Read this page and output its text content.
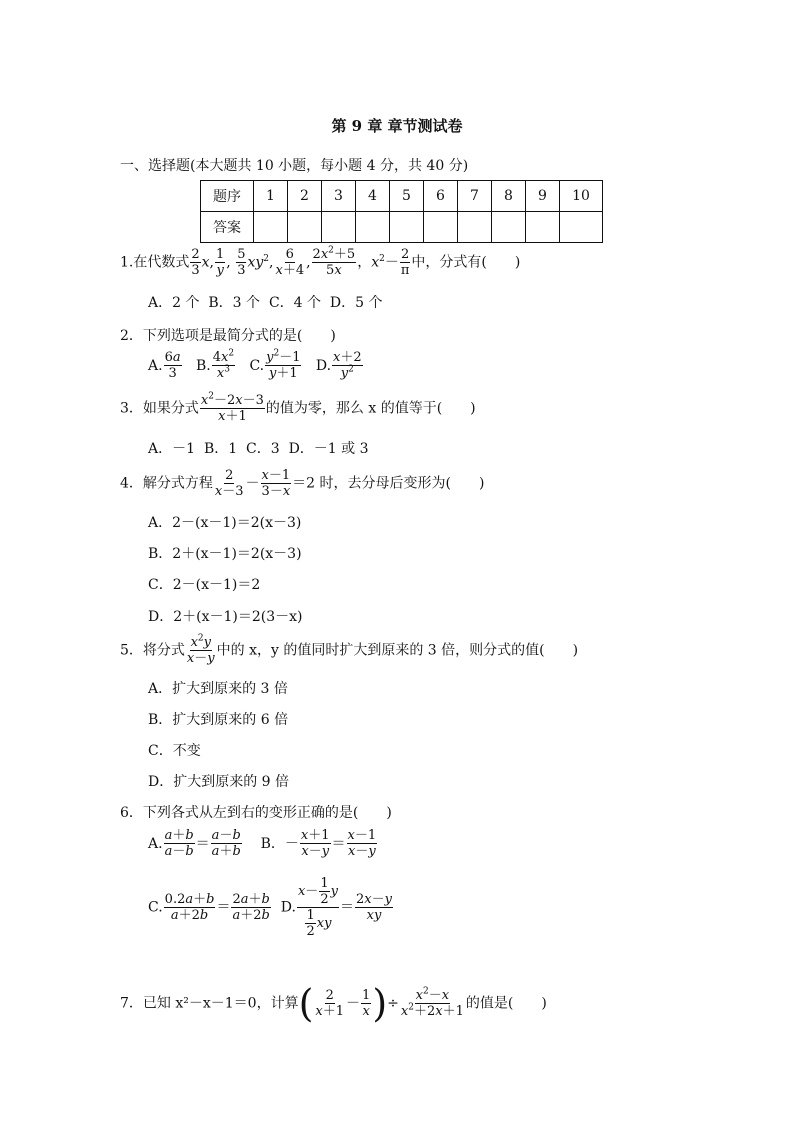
第 9 章 章节测试卷
一、选择题(本大题共 10 小题，每小题 4 分，共 40 分)
题序	1	2	3	4	5	6	7	8	9	10
答案										
1.在代数式 $\frac{2}{3} x$, $\frac{1}{y}$ , $\frac{5}{3} xy^2$, $\frac{6}{x+4}$ , $\frac{2x^2+5}{5x}$ ，$x^2- \frac{2}{\pi}$ 中，分式有(　　)
A．2 个 B．3 个 C．4 个 D．5 个
2．下列选项是最简分式的是(　　)
A. $\frac{6a}{3} B$. $\frac{4x^2}{x^3} C$. $\frac{y^2-1}{y+1} D$. $\frac{x+2}{y^2}$
3．如果分式 $\frac{x^2-2x-3}{x+1}$ 的值为零，那么 x 的值等于(　　)
A．－1 B．1 C．3 D．－1 或 3
4．解分式方程 $\frac{2}{x-3} - \frac{x-1}{3-x} =2$ 时，去分母后变形为(　　)
A．2－(x－1)＝2(x－3)
B．2＋(x－1)＝2(x－3)
C．2－(x－1)＝2
D．2＋(x－1)＝2(3－x)
5．将分式 $\frac{x^2y}{x-y}$ 中的 x，y 的值同时扩大到原来的 3 倍，则分式的值(　　)
A．扩大到原来的 3 倍
B．扩大到原来的 6 倍
C．不变
D．扩大到原来的 9 倍
6．下列各式从左到右的变形正确的是(　　)
A. $\frac{a+b}{a-b} = \frac{a-b}{a+b}$ B．－ $\frac{x+1}{x-y} = \frac{x-1}{x-y}$
C. $\frac{0.2a+b}{a+2b} = \frac{2a+b}{a+2b} D$. $\frac{x- \frac{1}{2} y}{\frac{1}{2} xy} = \frac{2x-y}{xy}$
7．已知 x²－x－1＝0，计算( $\frac{2}{x+1} - \frac{1}{x}$ )÷ $\frac{x^2-x}{x^2+2x+1}$ 的值是(　　)
